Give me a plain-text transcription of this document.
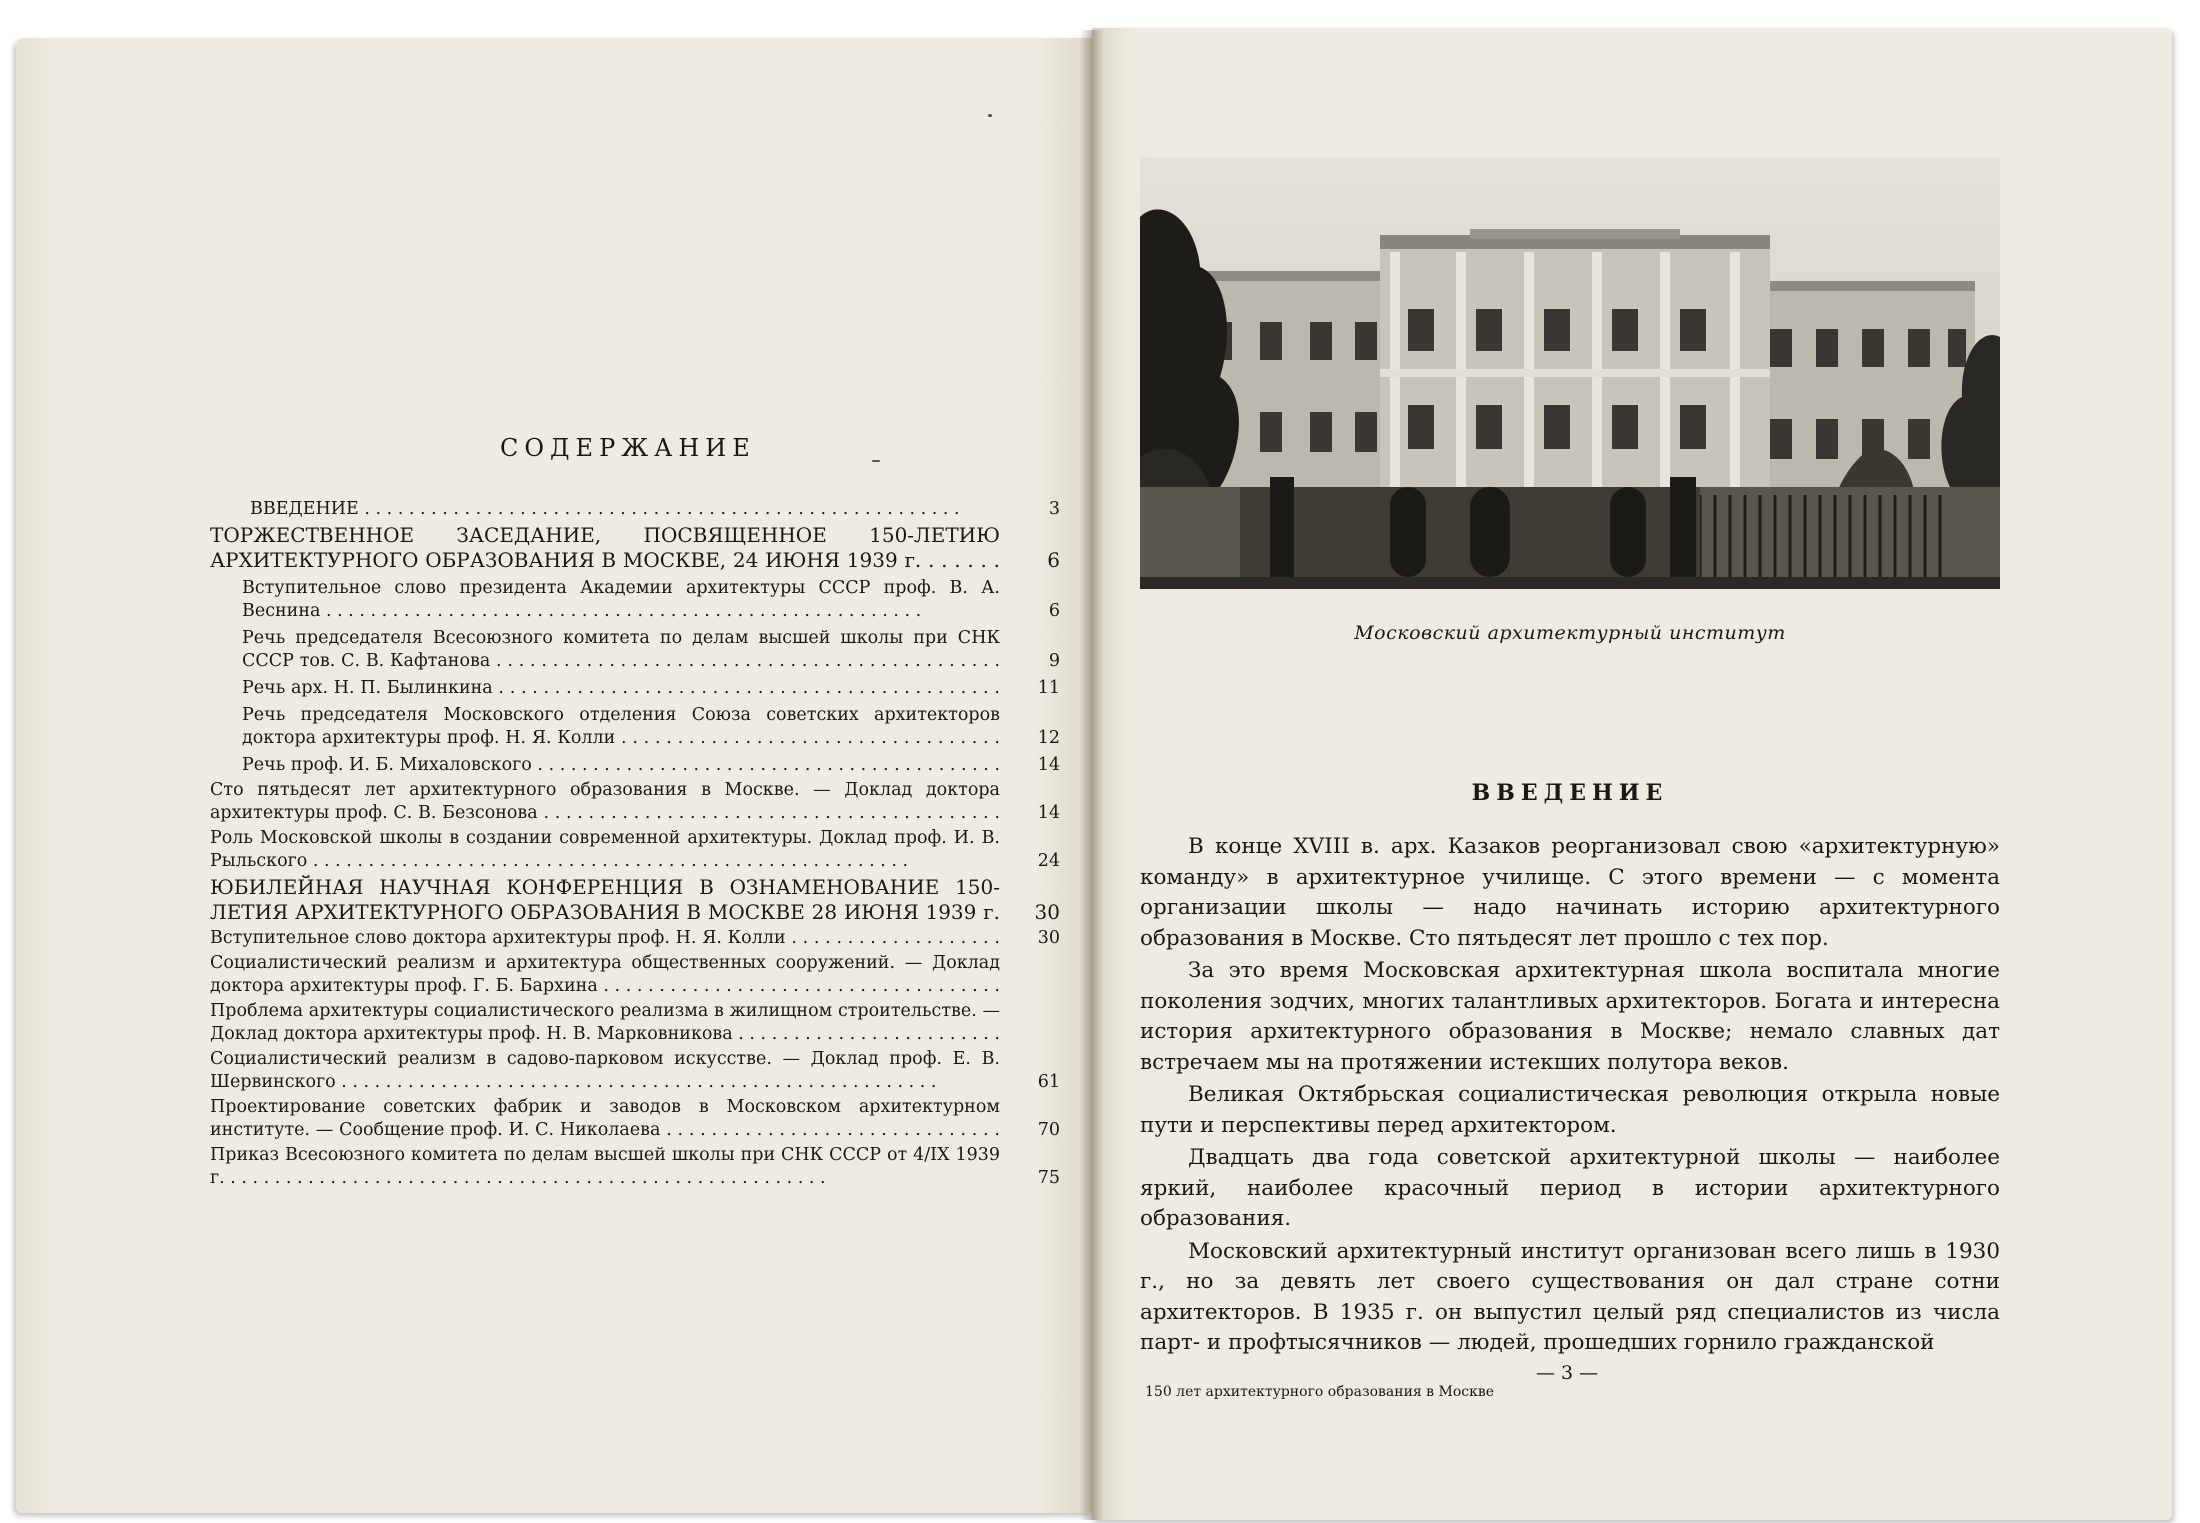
СОДЕРЖАНИЕ
ВВЕДЕНИЕ . . .	3
ТОРЖЕСТВЕННОЕ ЗАСЕДАНИЕ, ПОСВЯЩЕННОЕ 150-ЛЕТИЮ АРХИТЕКТУРНОГО ОБРАЗОВАНИЯ В МОСКВЕ, 24 ИЮНЯ 1939 г. . . .	6
Вступительное слово президента Академии архитектуры СССР проф. В. А. Веснина . . .	6
Речь председателя Всесоюзного комитета по делам высшей школы при СНК СССР тов. С. В. Кафтанова . . .	9
Речь арх. Н. П. Былинкина . . .	11
Речь председателя Московского отделения Союза советских архитекторов доктора архитектуры проф. Н. Я. Колли . . .	12
Речь проф. И. Б. Михаловского . . .	14
Сто пятьдесят лет архитектурного образования в Москве. — Доклад доктора архитектуры проф. С. В. Безсонова . . .	14
Роль Московской школы в создании современной архитектуры. Доклад проф. И. В. Рыльского . . .	24
ЮБИЛЕЙНАЯ НАУЧНАЯ КОНФЕРЕНЦИЯ В ОЗНАМЕНОВАНИЕ 150-ЛЕТИЯ АРХИТЕКТУРНОГО ОБРАЗОВАНИЯ В МОСКВЕ 28 ИЮНЯ 1939 г. . . .	30
Вступительное слово доктора архитектуры проф. Н. Я. Колли . . .	30
Социалистический реализм и архитектура общественных сооружений. — Доклад доктора архитектуры проф. Г. Б. Бархина . . .
Проблема архитектуры социалистического реализма в жилищном строительстве. — Доклад доктора архитектуры проф. Н. В. Марковникова . . .
Социалистический реализм в садово-парковом искусстве. — Доклад проф. Е. В. Шервинского . . .	61
Проектирование советских фабрик и заводов в Московском архитектурном институте. — Сообщение проф. И. С. Николаева . . .	70
Приказ Всесоюзного комитета по делам высшей школы при СНК СССР от 4/IX 1939 г. . . .	75
Московский архитектурный институт
ВВЕДЕНИЕ

В конце XVIII в. арх. Казаков реорганизовал свою «архитектурную» команду» в архитектурное училище. С этого времени — с момента организации школы — надо начинать историю архитектурного образования в Москве. Сто пятьдесят лет прошло с тех пор.

За это время Московская архитектурная школа воспитала многие поколения зодчих, многих талантливых архитекторов. Богата и интересна история архитектурного образования в Москве; немало славных дат встречаем мы на протяжении истекших полутора веков.

Великая Октябрьская социалистическая революция открыла новые пути и перспективы перед архитектором.

Двадцать два года советской архитектурной школы — наиболее яркий, наиболее красочный период в истории архитектурного образования.

Московский архитектурный институт организован всего лишь в 1930 г., но за девять лет своего существования он дал стране сотни архитекторов. В 1935 г. он выпустил целый ряд специалистов из числа парт- и профтысячников — людей, прошедших горнило гражданской

— 3 —
150 лет архитектурного образования в Москве
